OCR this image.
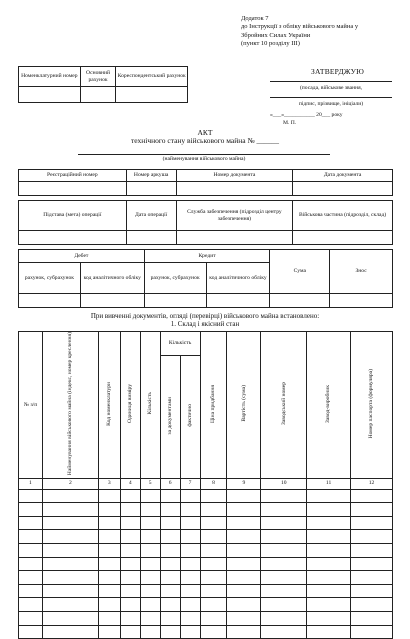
Додаток 7
до Інструкції з обліку військового майна у
Збройних Силах України
(пункт 10 розділу ІІІ)
Номенклатурний номер	Основний рахунок	Кореспондентський рахунок

ЗАТВЕРДЖУЮ
(посада, військове звання,
підпис, прізвище, ініціали)
«___»___________ 20___ року
М. П.
АКТ
технічного стану військового майна № ______
(найменування військового майна)
Реєстраційний номер	Номер аркуша	Номер документа	Дата документа

Підстава (мета) операції	Дата операції	Служба забезпечення (підрозділ центру забезпечення)	Військова частина (підрозділ, склад)

Дебет		Кредит		Сума	Знос
рахунок, субрахунок	код аналітичного обліку	рахунок, субрахунок	код аналітичного обліку		

При вивченні документів, огляді (перевірці) військового майна встановлено:
1. Склад і якісний стан
№ з/п	Найменування військового майна (індекс, номер креслення)	Код номенклатури	Одиниця виміру	Кількість	Кількість		Ціна придбання	Вартість (сума)	Заводський номер	Завод-виробник	Номер паспорта (формуляра)
					за документами	фактично					
1	2	3	4	5	6	7	8	9	10	11	12
